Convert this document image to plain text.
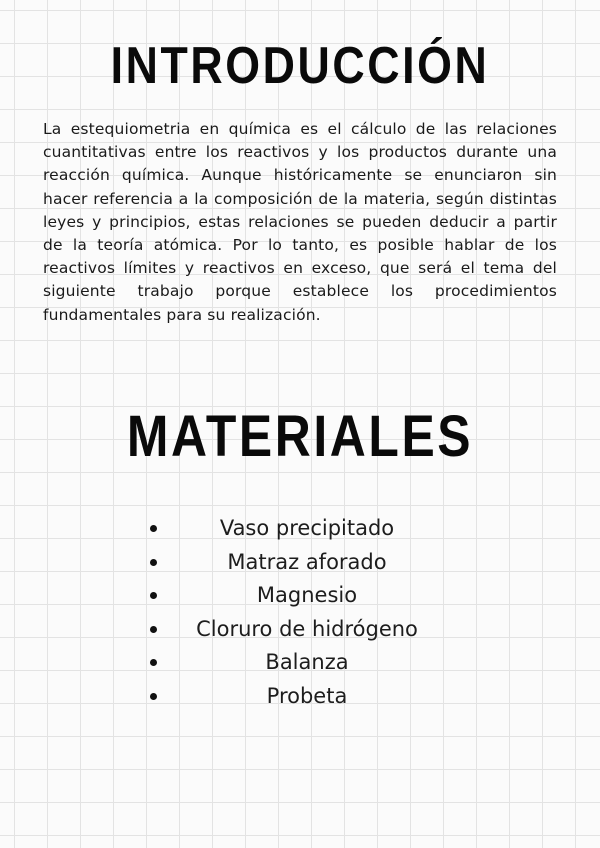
INTRODUCCIÓN

La estequiometria en química es el cálculo de las relaciones cuantitativas entre los reactivos y los productos durante una reacción química. Aunque históricamente se enunciaron sin hacer referencia a la composición de la materia, según distintas leyes y principios, estas relaciones se pueden deducir a partir de la teoría atómica. Por lo tanto, es posible hablar de los reactivos límites y reactivos en exceso, que será el tema del siguiente trabajo porque establece los procedimientos fundamentales para su realización.

MATERIALES
Vaso precipitado
Matraz aforado
Magnesio
Cloruro de hidrógeno
Balanza
Probeta
